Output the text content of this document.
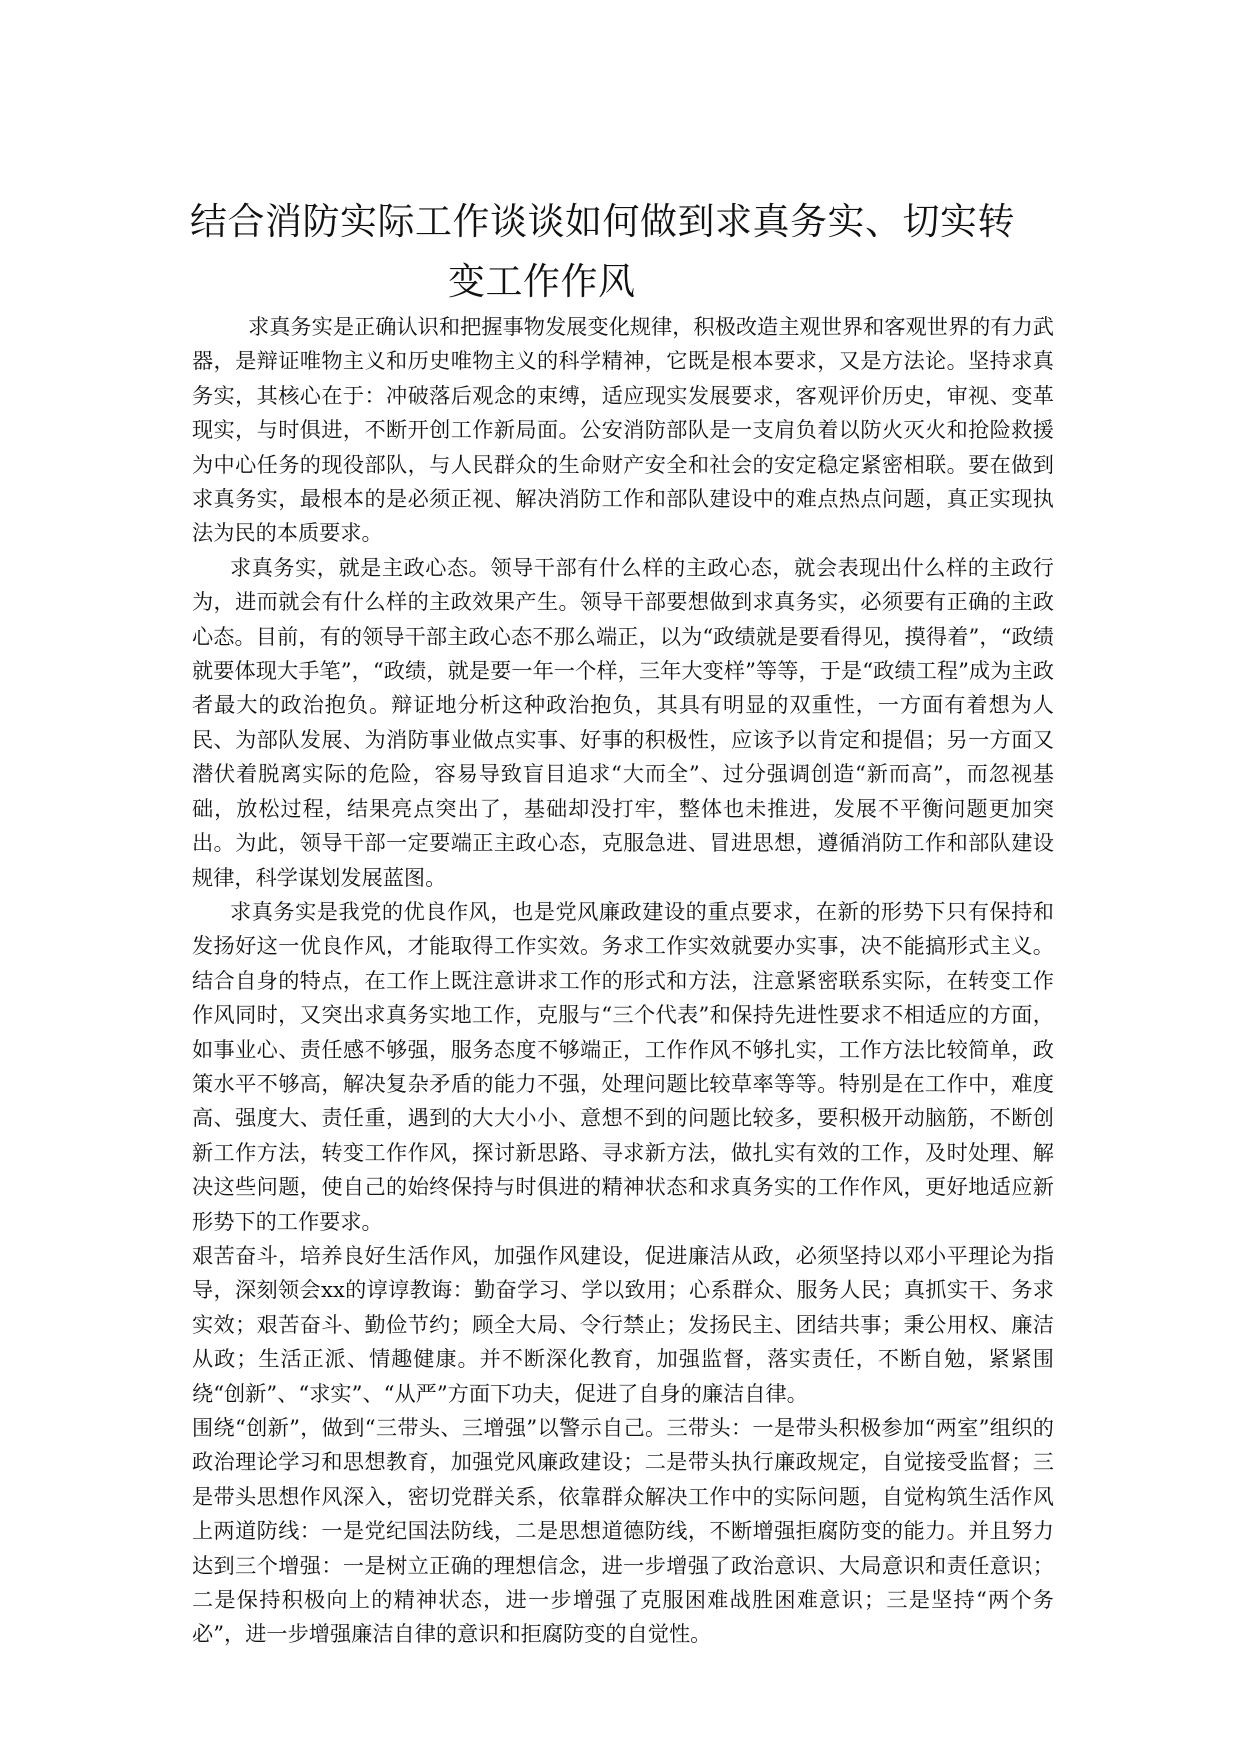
结合消防实际工作谈谈如何做到求真务实、切实转
变工作作风

求真务实是正确认识和把握事物发展变化规律，积极改造主观世界和客观世界的有力武器，是辩证唯物主义和历史唯物主义的科学精神，它既是根本要求，又是方法论。坚持求真务实，其核心在于：冲破落后观念的束缚，适应现实发展要求，客观评价历史，审视、变革现实，与时俱进，不断开创工作新局面。公安消防部队是一支肩负着以防火灭火和抢险救援为中心任务的现役部队，与人民群众的生命财产安全和社会的安定稳定紧密相联。要在做到求真务实，最根本的是必须正视、解决消防工作和部队建设中的难点热点问题，真正实现执法为民的本质要求。

求真务实，就是主政心态。领导干部有什么样的主政心态，就会表现出什么样的主政行为，进而就会有什么样的主政效果产生。领导干部要想做到求真务实，必须要有正确的主政心态。目前，有的领导干部主政心态不那么端正，以为“政绩就是要看得见，摸得着”，“政绩就要体现大手笔”，“政绩，就是要一年一个样，三年大变样”等等，于是“政绩工程”成为主政者最大的政治抱负。辩证地分析这种政治抱负，其具有明显的双重性，一方面有着想为人民、为部队发展、为消防事业做点实事、好事的积极性，应该予以肯定和提倡；另一方面又潜伏着脱离实际的危险，容易导致盲目追求“大而全”、过分强调创造“新而高”，而忽视基础，放松过程，结果亮点突出了，基础却没打牢，整体也未推进，发展不平衡问题更加突出。为此，领导干部一定要端正主政心态，克服急进、冒进思想，遵循消防工作和部队建设规律，科学谋划发展蓝图。

求真务实是我党的优良作风，也是党风廉政建设的重点要求，在新的形势下只有保持和发扬好这一优良作风，才能取得工作实效。务求工作实效就要办实事，决不能搞形式主义。结合自身的特点，在工作上既注意讲求工作的形式和方法，注意紧密联系实际，在转变工作作风同时，又突出求真务实地工作，克服与“三个代表”和保持先进性要求不相适应的方面，如事业心、责任感不够强，服务态度不够端正，工作作风不够扎实，工作方法比较简单，政策水平不够高，解决复杂矛盾的能力不强，处理问题比较草率等等。特别是在工作中，难度高、强度大、责任重，遇到的大大小小、意想不到的问题比较多，要积极开动脑筋，不断创新工作方法，转变工作作风，探讨新思路、寻求新方法，做扎实有效的工作，及时处理、解决这些问题，使自己的始终保持与时俱进的精神状态和求真务实的工作作风，更好地适应新形势下的工作要求。

艰苦奋斗，培养良好生活作风，加强作风建设，促进廉洁从政，必须坚持以邓小平理论为指导，深刻领会xx的谆谆教诲：勤奋学习、学以致用；心系群众、服务人民；真抓实干、务求实效；艰苦奋斗、勤俭节约；顾全大局、令行禁止；发扬民主、团结共事；秉公用权、廉洁从政；生活正派、情趣健康。并不断深化教育，加强监督，落实责任，不断自勉，紧紧围绕“创新”、“求实”、“从严”方面下功夫，促进了自身的廉洁自律。

围绕“创新”，做到“三带头、三增强”以警示自己。三带头：一是带头积极参加“两室”组织的政治理论学习和思想教育，加强党风廉政建设；二是带头执行廉政规定，自觉接受监督；三是带头思想作风深入，密切党群关系，依靠群众解决工作中的实际问题，自觉构筑生活作风上两道防线：一是党纪国法防线，二是思想道德防线，不断增强拒腐防变的能力。并且努力达到三个增强：一是树立正确的理想信念，进一步增强了政治意识、大局意识和责任意识；二是保持积极向上的精神状态，进一步增强了克服困难战胜困难意识；三是坚持“两个务必”，进一步增强廉洁自律的意识和拒腐防变的自觉性。
